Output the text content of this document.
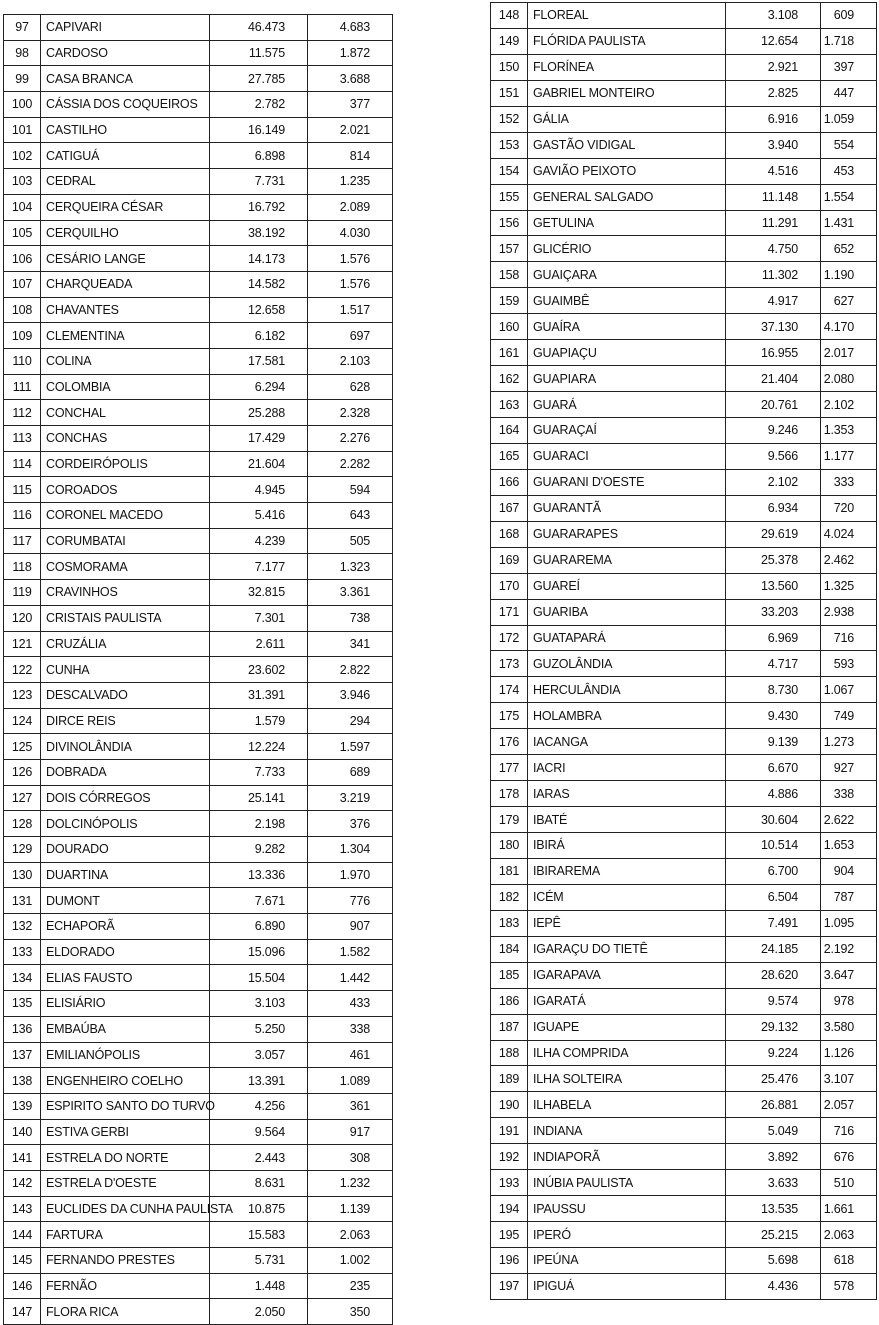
97	CAPIVARI	46.473	4.683
98	CARDOSO	11.575	1.872
99	CASA BRANCA	27.785	3.688
100	CÁSSIA DOS COQUEIROS	2.782	377
101	CASTILHO	16.149	2.021
102	CATIGUÁ	6.898	814
103	CEDRAL	7.731	1.235
104	CERQUEIRA CÉSAR	16.792	2.089
105	CERQUILHO	38.192	4.030
106	CESÁRIO LANGE	14.173	1.576
107	CHARQUEADA	14.582	1.576
108	CHAVANTES	12.658	1.517
109	CLEMENTINA	6.182	697
110	COLINA	17.581	2.103
111	COLOMBIA	6.294	628
112	CONCHAL	25.288	2.328
113	CONCHAS	17.429	2.276
114	CORDEIRÓPOLIS	21.604	2.282
115	COROADOS	4.945	594
116	CORONEL MACEDO	5.416	643
117	CORUMBATAI	4.239	505
118	COSMORAMA	7.177	1.323
119	CRAVINHOS	32.815	3.361
120	CRISTAIS PAULISTA	7.301	738
121	CRUZÁLIA	2.611	341
122	CUNHA	23.602	2.822
123	DESCALVADO	31.391	3.946
124	DIRCE REIS	1.579	294
125	DIVINOLÂNDIA	12.224	1.597
126	DOBRADA	7.733	689
127	DOIS CÓRREGOS	25.141	3.219
128	DOLCINÓPOLIS	2.198	376
129	DOURADO	9.282	1.304
130	DUARTINA	13.336	1.970
131	DUMONT	7.671	776
132	ECHAPORÃ	6.890	907
133	ELDORADO	15.096	1.582
134	ELIAS FAUSTO	15.504	1.442
135	ELISIÁRIO	3.103	433
136	EMBAÚBA	5.250	338
137	EMILIANÓPOLIS	3.057	461
138	ENGENHEIRO COELHO	13.391	1.089
139	ESPIRITO SANTO DO TURVO	4.256	361
140	ESTIVA GERBI	9.564	917
141	ESTRELA DO NORTE	2.443	308
142	ESTRELA D'OESTE	8.631	1.232
143	EUCLIDES DA CUNHA PAULISTA	10.875	1.139
144	FARTURA	15.583	2.063
145	FERNANDO PRESTES	5.731	1.002
146	FERNÃO	1.448	235
147	FLORA RICA	2.050	350
148	FLOREAL	3.108	609
149	FLÓRIDA PAULISTA	12.654	1.718
150	FLORÍNEA	2.921	397
151	GABRIEL MONTEIRO	2.825	447
152	GÁLIA	6.916	1.059
153	GASTÃO VIDIGAL	3.940	554
154	GAVIÃO PEIXOTO	4.516	453
155	GENERAL SALGADO	11.148	1.554
156	GETULINA	11.291	1.431
157	GLICÉRIO	4.750	652
158	GUAIÇARA	11.302	1.190
159	GUAIMBÊ	4.917	627
160	GUAÍRA	37.130	4.170
161	GUAPIAÇU	16.955	2.017
162	GUAPIARA	21.404	2.080
163	GUARÁ	20.761	2.102
164	GUARAÇAÍ	9.246	1.353
165	GUARACI	9.566	1.177
166	GUARANI D'OESTE	2.102	333
167	GUARANTÃ	6.934	720
168	GUARARAPES	29.619	4.024
169	GUARAREMA	25.378	2.462
170	GUAREÍ	13.560	1.325
171	GUARIBA	33.203	2.938
172	GUATAPARÁ	6.969	716
173	GUZOLÂNDIA	4.717	593
174	HERCULÂNDIA	8.730	1.067
175	HOLAMBRA	9.430	749
176	IACANGA	9.139	1.273
177	IACRI	6.670	927
178	IARAS	4.886	338
179	IBATÉ	30.604	2.622
180	IBIRÁ	10.514	1.653
181	IBIRAREMA	6.700	904
182	ICÉM	6.504	787
183	IEPÊ	7.491	1.095
184	IGARAÇU DO TIETÊ	24.185	2.192
185	IGARAPAVA	28.620	3.647
186	IGARATÁ	9.574	978
187	IGUAPE	29.132	3.580
188	ILHA COMPRIDA	9.224	1.126
189	ILHA SOLTEIRA	25.476	3.107
190	ILHABELA	26.881	2.057
191	INDIANA	5.049	716
192	INDIAPORÃ	3.892	676
193	INÚBIA PAULISTA	3.633	510
194	IPAUSSU	13.535	1.661
195	IPERÓ	25.215	2.063
196	IPEÚNA	5.698	618
197	IPIGUÁ	4.436	578
